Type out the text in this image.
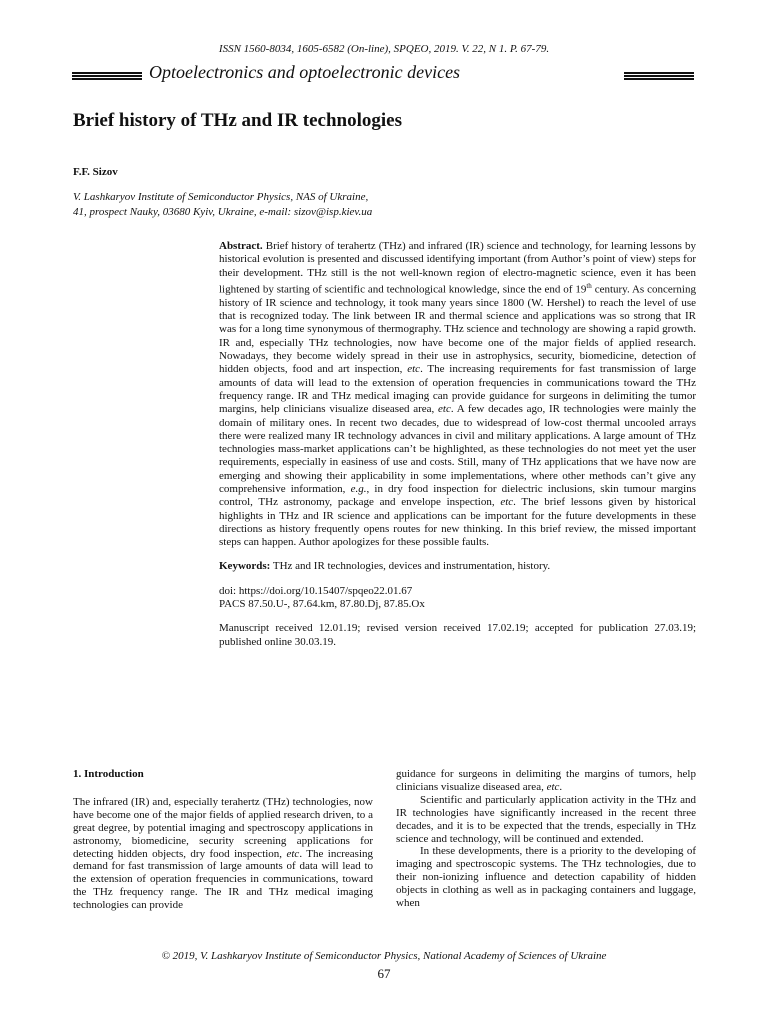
ISSN 1560-8034, 1605-6582 (On-line), SPQEO, 2019. V. 22, N 1. P. 67-79.
Optoelectronics and optoelectronic devices
Brief history of THz and IR technologies
F.F. Sizov
V. Lashkaryov Institute of Semiconductor Physics, NAS of Ukraine,
41, prospect Nauky, 03680 Kyiv, Ukraine, e-mail: sizov@isp.kiev.ua

Abstract. Brief history of terahertz (THz) and infrared (IR) science and technology, for learning lessons by historical evolution is presented and discussed identifying important (from Author’s point of view) steps for their development. THz still is the not well-known region of electro-magnetic science, even it has been lightened by starting of scientific and technological knowledge, since the end of 19th century. As concerning history of IR science and technology, it took many years since 1800 (W. Hershel) to reach the level of use that is recognized today. The link between IR and thermal science and applications was so strong that IR was for a long time synonymous of thermography. THz science and technology are showing a rapid growth. IR and, especially THz technologies, now have become one of the major fields of applied research. Nowadays, they become widely spread in their use in astrophysics, security, biomedicine, detection of hidden objects, food and art inspection, etc. The increasing requirements for fast transmission of large amounts of data will lead to the extension of operation frequencies in communications toward the THz frequency range. IR and THz medical imaging can provide guidance for surgeons in delimiting the tumor margins, help clinicians visualize diseased area, etc. A few decades ago, IR technologies were mainly the domain of military ones. In recent two decades, due to widespread of low-cost thermal uncooled arrays there were realized many IR technology advances in civil and military applications. A large amount of THz technologies mass-market applications can’t be highlighted, as these technologies do not meet yet the user requirements, especially in easiness of use and costs. Still, many of THz applications that we have now are emerging and showing their applicability in some implementations, where other methods can’t give any comprehensive information, e.g., in dry food inspection for dielectric inclusions, skin tumour margins control, THz astronomy, package and envelope inspection, etc. The brief lessons given by historical highlights in THz and IR science and applications can be important for the future developments in these directions as history frequently opens routes for new thinking. In this brief review, the missed important steps can happen. Author apologizes for these possible faults.

Keywords: THz and IR technologies, devices and instrumentation, history.

doi: https://doi.org/10.15407/spqeo22.01.67

PACS 87.50.U-, 87.64.km, 87.80.Dj, 87.85.Ox

Manuscript received 12.01.19; revised version received 17.02.19; accepted for publication 27.03.19; published online 30.03.19.

1. Introduction

The infrared (IR) and, especially terahertz (THz) technologies, now have become one of the major fields of applied research driven, to a great degree, by potential imaging and spectroscopy applications in astronomy, biomedicine, security screening applications for detecting hidden objects, dry food inspection, etc. The increasing demand for fast transmission of large amounts of data will lead to the extension of operation frequencies in communications, toward the THz frequency range. The IR and THz medical imaging technologies can provide

guidance for surgeons in delimiting the margins of tumors, help clinicians visualize diseased area, etc.

Scientific and particularly application activity in the THz and IR technologies have significantly increased in the recent three decades, and it is to be expected that the trends, especially in THz science and technology, will be continued and extended.

In these developments, there is a priority to the developing of imaging and spectroscopic systems. The THz technologies, due to their non-ionizing influence and detection capability of hidden objects in clothing as well as in packaging containers and luggage, when

© 2019, V. Lashkaryov Institute of Semiconductor Physics, National Academy of Sciences of Ukraine
67
